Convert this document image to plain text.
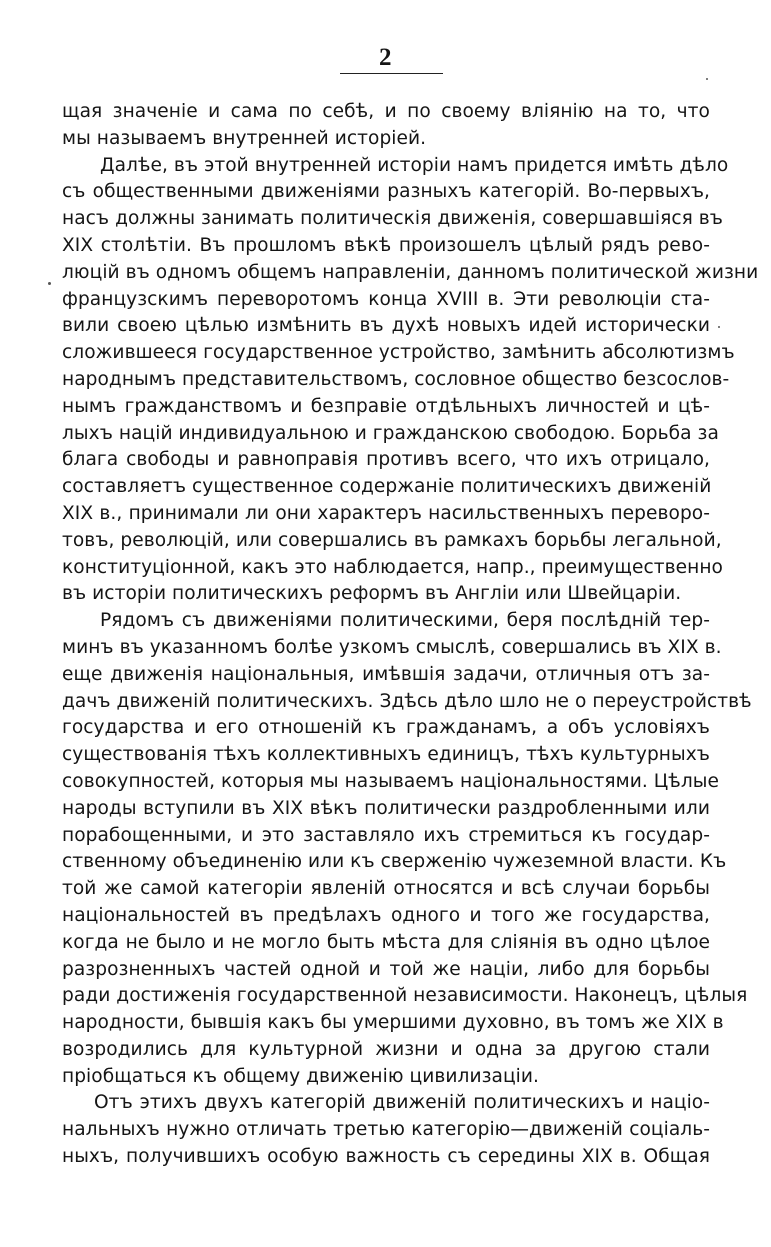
2
щая значенiе и сама по себѣ, и по своему вліянію на то, что
мы называемъ внутренней исторіей.
Далѣе, въ этой внутренней исторіи намъ придется имѣть дѣло
съ общественными движеніями разныхъ категорій. Во-первыхъ,
насъ должны занимать политическія движенія, совершавшiяся въ
XIX столѣтіи. Въ прошломъ вѣкѣ произошелъ цѣлый рядъ рево-
люцій въ одномъ общемъ направленіи, данномъ политической жизни
французскимъ переворотомъ конца XVIII в. Эти революціи ста-
вили своею цѣлью измѣнить въ духѣ новыхъ идей исторически
сложившееся государственное устройство, замѣнить абсолютизмъ
народнымъ представительствомъ, сословное общество безсослов-
нымъ гражданствомъ и безправіе отдѣльныхъ личностей и цѣ-
лыхъ націй индивидуальною и гражданскою свободою. Борьба за
блага свободы и равноправія противъ всего, что ихъ отрицало,
составляетъ существенное содержаніе политическихъ движеній
XIX в., принимали ли они характеръ насильственныхъ переворо-
товъ, революцій, или совершались въ рамкахъ борьбы легальной,
конституціонной, какъ это наблюдается, напр., преимущественно
въ исторіи политическихъ реформъ въ Англіи или Швейцаріи.
Рядомъ съ движеніями политическими, беря послѣдній тер-
минъ въ указанномъ болѣе узкомъ смыслѣ, совершались въ XIX в.
еще движенія національныя, имѣвшія задачи, отличныя отъ за-
дачъ движеній политическихъ. Здѣсь дѣло шло не о переустройствѣ
государства и его отношеній къ гражданамъ, а объ условіяхъ
существованія тѣхъ коллективныхъ единицъ, тѣхъ культурныхъ
совокупностей, которыя мы называемъ національностями. Цѣлые
народы вступили въ XIX вѣкъ политически раздробленными или
порабощенными, и это заставляло ихъ стремиться къ государ-
ственному объединенію или къ сверженію чужеземной власти. Къ
той же самой категоріи явленій относятся и всѣ случаи борьбы
національностей въ предѣлахъ одного и того же государства,
когда не было и не могло быть мѣста для слiянія въ одно цѣлое
разрозненныхъ частей одной и той же націи, либо для борьбы
ради достиженія государственной независимости. Наконецъ, цѣлыя
народности, бывшія какъ бы умершими духовно, въ томъ же XIX в
возродились для культурной жизни и одна за другою стали
пріобщаться къ общему движенію цивилизаціи.
Отъ этихъ двухъ категорій движеній политическихъ и націо-
нальныхъ нужно отличать третью категорію—движеній соціаль-
ныхъ, получившихъ особую важность съ середины XIX в. Общая
